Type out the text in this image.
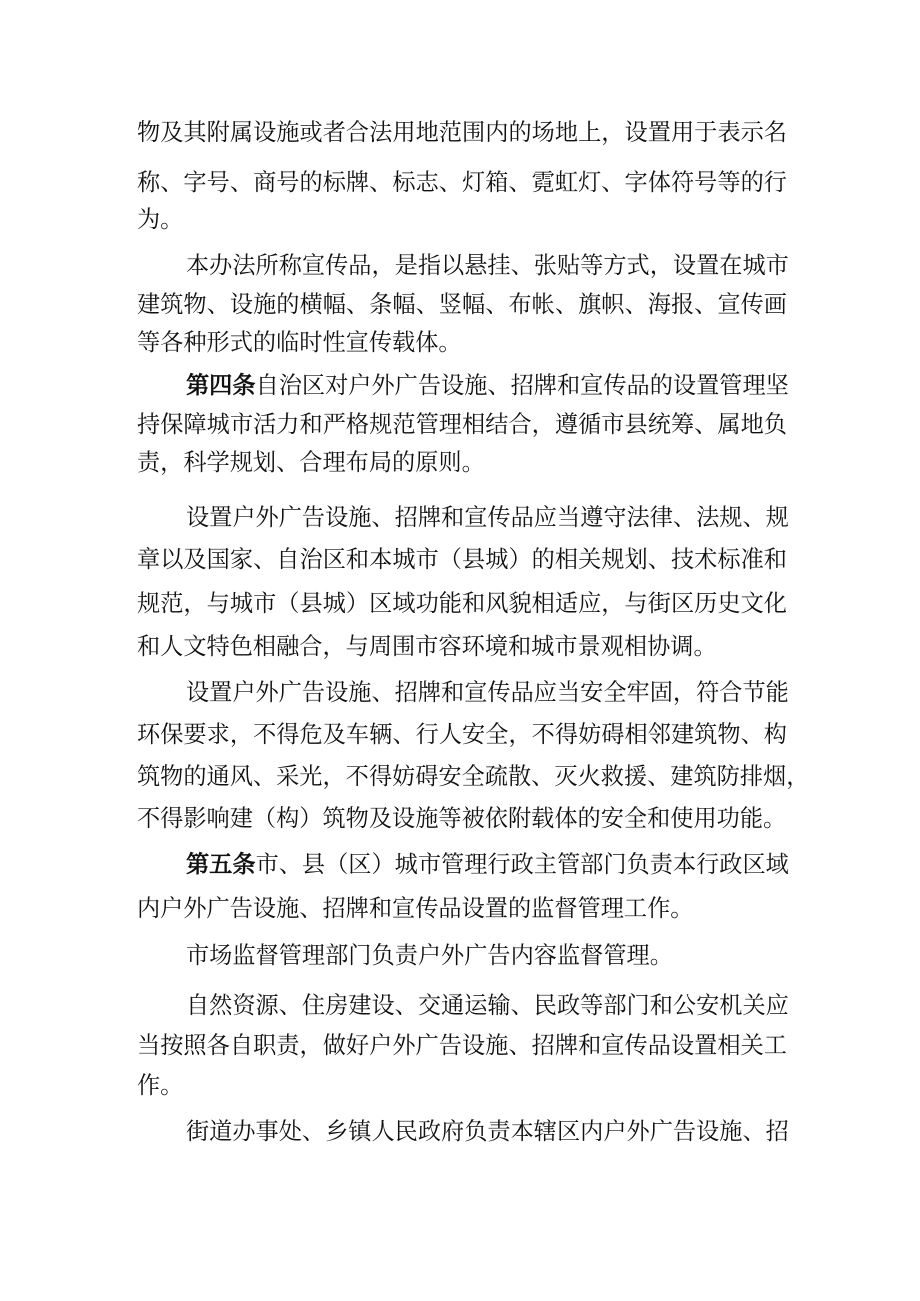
物及其附属设施或者合法用地范围内的场地上，设置用于表示名
称、字号、商号的标牌、标志、灯箱、霓虹灯、字体符号等的行
为。
本办法所称宣传品，是指以悬挂、张贴等方式，设置在城市
建筑物、设施的横幅、条幅、竖幅、布帐、旗帜、海报、宣传画
等各种形式的临时性宣传载体。
第四条自治区对户外广告设施、招牌和宣传品的设置管理坚
持保障城市活力和严格规范管理相结合，遵循市县统筹、属地负
责，科学规划、合理布局的原则。
设置户外广告设施、招牌和宣传品应当遵守法律、法规、规
章以及国家、自治区和本城市（县城）的相关规划、技术标准和
规范，与城市（县城）区域功能和风貌相适应，与街区历史文化
和人文特色相融合，与周围市容环境和城市景观相协调。
设置户外广告设施、招牌和宣传品应当安全牢固，符合节能
环保要求，不得危及车辆、行人安全，不得妨碍相邻建筑物、构
筑物的通风、采光，不得妨碍安全疏散、灭火救援、建筑防排烟，
不得影响建（构）筑物及设施等被依附载体的安全和使用功能。
第五条市、县（区）城市管理行政主管部门负责本行政区域
内户外广告设施、招牌和宣传品设置的监督管理工作。
市场监督管理部门负责户外广告内容监督管理。
自然资源、住房建设、交通运输、民政等部门和公安机关应
当按照各自职责，做好户外广告设施、招牌和宣传品设置相关工
作。
街道办事处、乡镇人民政府负责本辖区内户外广告设施、招
